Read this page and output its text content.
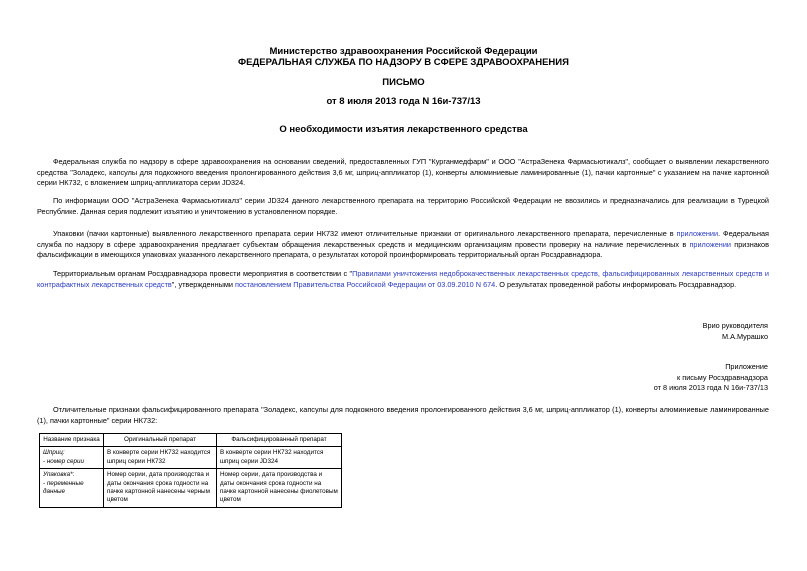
Министерство здравоохранения Российской Федерации
ФЕДЕРАЛЬНАЯ СЛУЖБА ПО НАДЗОРУ В СФЕРЕ ЗДРАВООХРАНЕНИЯ
ПИСЬМО
от 8 июля 2013 года N 16и-737/13
О необходимости изъятия лекарственного средства

Федеральная служба по надзору в сфере здравоохранения на основании сведений, предоставленных ГУП "Курганмедфарм" и ООО "АстраЗенека Фармасьютикалз", сообщает о выявлении лекарственного средства "Золадекс, капсулы для подкожного введения пролонгированного действия 3,6 мг, шприц-аппликатор (1), конверты алюминиевые ламинированные (1), пачки картонные" с указанием на пачке картонной серии НК732, с вложением шприц-аппликатора серии JD324.

По информации ООО "АстраЗенека Фармасьютикалз" серии JD324 данного лекарственного препарата на территорию Российской Федерации не ввозились и предназначались для реализации в Турецкой Республике. Данная серия подлежит изъятию и уничтожению в установленном порядке.

Упаковки (пачки картонные) выявленного лекарственного препарата серии НК732 имеют отличительные признаки от оригинального лекарственного препарата, перечисленные в приложении. Федеральная служба по надзору в сфере здравоохранения предлагает субъектам обращения лекарственных средств и медицинским организациям провести проверку на наличие перечисленных в приложении признаков фальсификации в имеющихся упаковках указанного лекарственного препарата, о результатах которой проинформировать территориальный орган Росздравнадзора.

Территориальным органам Росздравнадзора провести мероприятия в соответствии с "Правилами уничтожения недоброкачественных лекарственных средств, фальсифицированных лекарственных средств и контрафактных лекарственных средств", утвержденными постановлением Правительства Российской Федерации от 03.09.2010 N 674. О результатах проведенной работы информировать Росздравнадзор.

Врио руководителя
М.А.Мурашко
Приложение
к письму Росздравнадзора
от 8 июля 2013 года N 16и-737/13

Отличительные признаки фальсифицированного препарата "Золадекс, капсулы для подкожного введения пролонгированного действия 3,6 мг, шприц-аппликатор (1), конверты алюминиевые ламинированные (1), пачки картонные" серии НК732:

Название признака	Оригинальный препарат	Фальсифицированный препарат
Шприц:
- номер серии	В конверте серии НК732 находится шприц серии НК732	В конверте серии НК732 находится шприц серии JD324
Упаковка*:
- переменные данные	Номер серии, дата производства и даты окончания срока годности на пачке картонной нанесены черным цветом	Номер серии, дата производства и даты окончания срока годности на пачке картонной нанесены фиолетовым цветом
